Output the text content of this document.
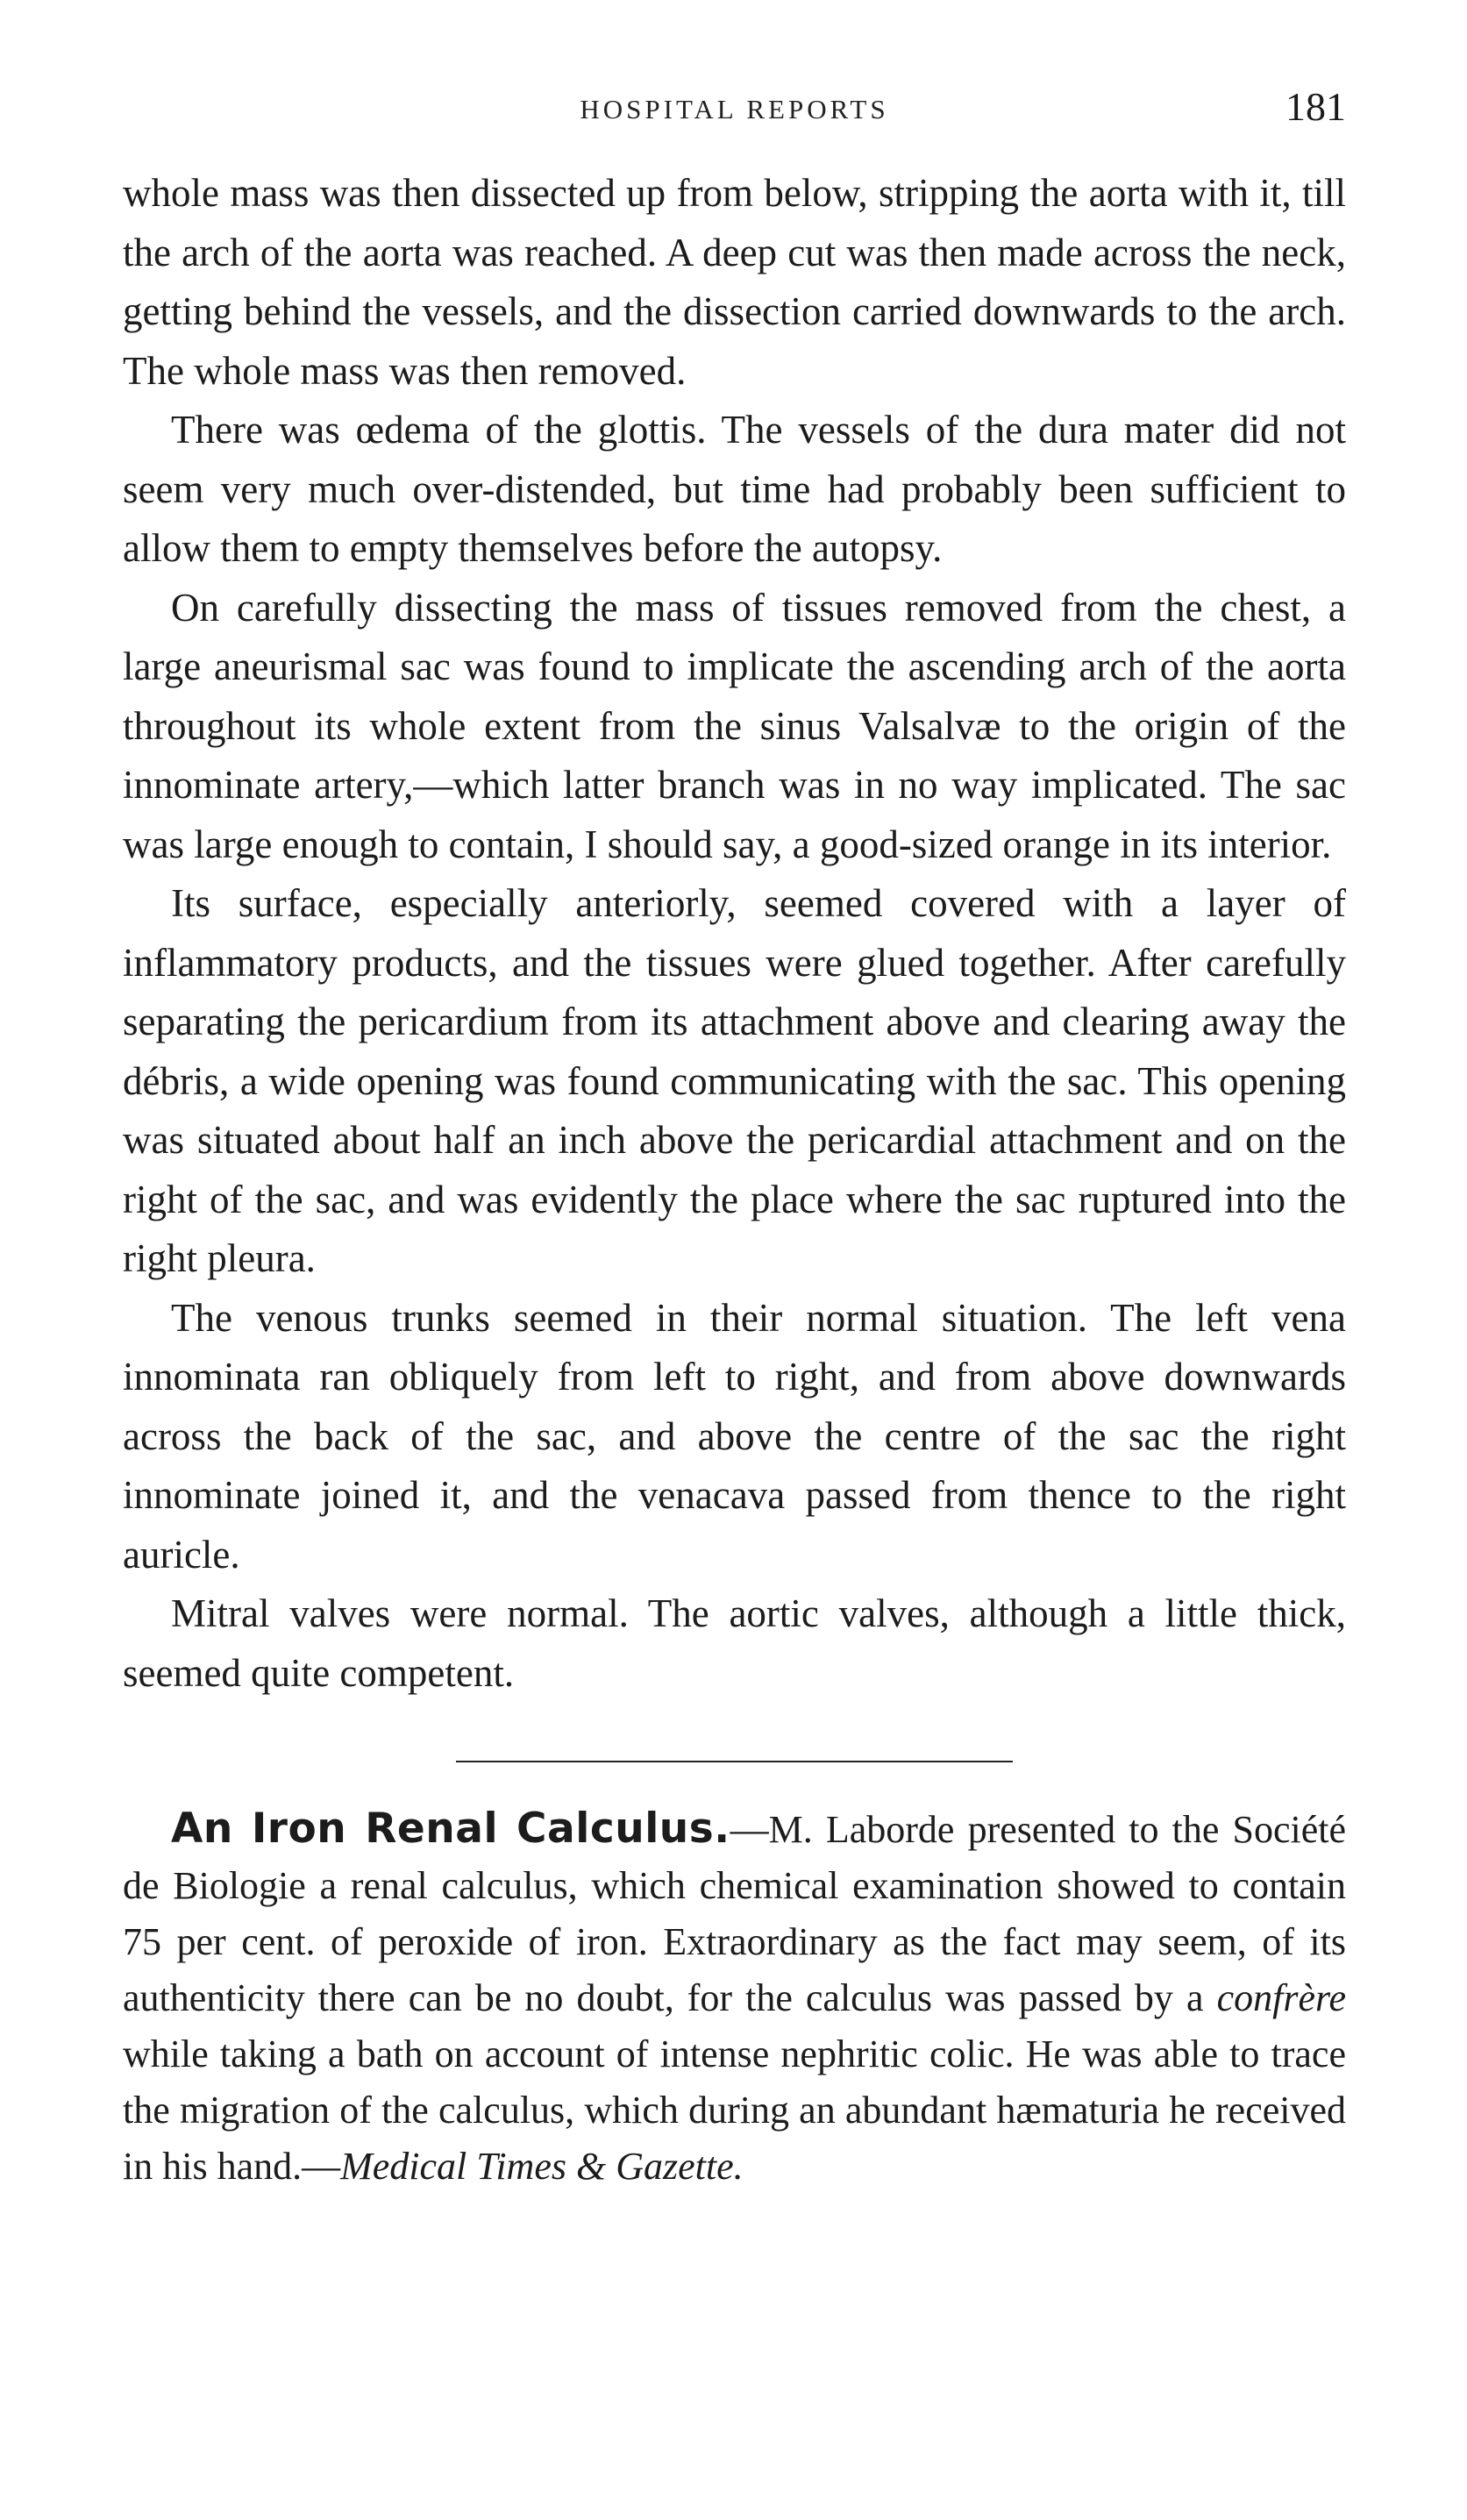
HOSPITAL REPORTS	181

whole mass was then dissected up from below, stripping the aorta with it, till the arch of the aorta was reached. A deep cut was then made across the neck, getting behind the vessels, and the dissection carried downwards to the arch. The whole mass was then removed.

There was œdema of the glottis. The vessels of the dura mater did not seem very much over-distended, but time had probably been sufficient to allow them to empty themselves before the autopsy.

On carefully dissecting the mass of tissues removed from the chest, a large aneurismal sac was found to implicate the ascending arch of the aorta throughout its whole extent from the sinus Valsalvæ to the origin of the innominate artery,—which latter branch was in no way implicated. The sac was large enough to contain, I should say, a good-sized orange in its interior.

Its surface, especially anteriorly, seemed covered with a layer of inflammatory products, and the tissues were glued together. After carefully separating the pericardium from its attachment above and clearing away the débris, a wide opening was found communicating with the sac. This opening was situated about half an inch above the pericardial attachment and on the right of the sac, and was evidently the place where the sac ruptured into the right pleura.

The venous trunks seemed in their normal situation. The left vena innominata ran obliquely from left to right, and from above downwards across the back of the sac, and above the centre of the sac the right innominate joined it, and the venacava passed from thence to the right auricle.

Mitral valves were normal. The aortic valves, although a little thick, seemed quite competent.

An Iron Renal Calculus.—M. Laborde presented to the Société de Biologie a renal calculus, which chemical examination showed to contain 75 per cent. of peroxide of iron. Extraordinary as the fact may seem, of its authenticity there can be no doubt, for the calculus was passed by a confrère while taking a bath on account of intense nephritic colic. He was able to trace the migration of the calculus, which during an abundant hæmaturia he received in his hand.—Medical Times & Gazette.
